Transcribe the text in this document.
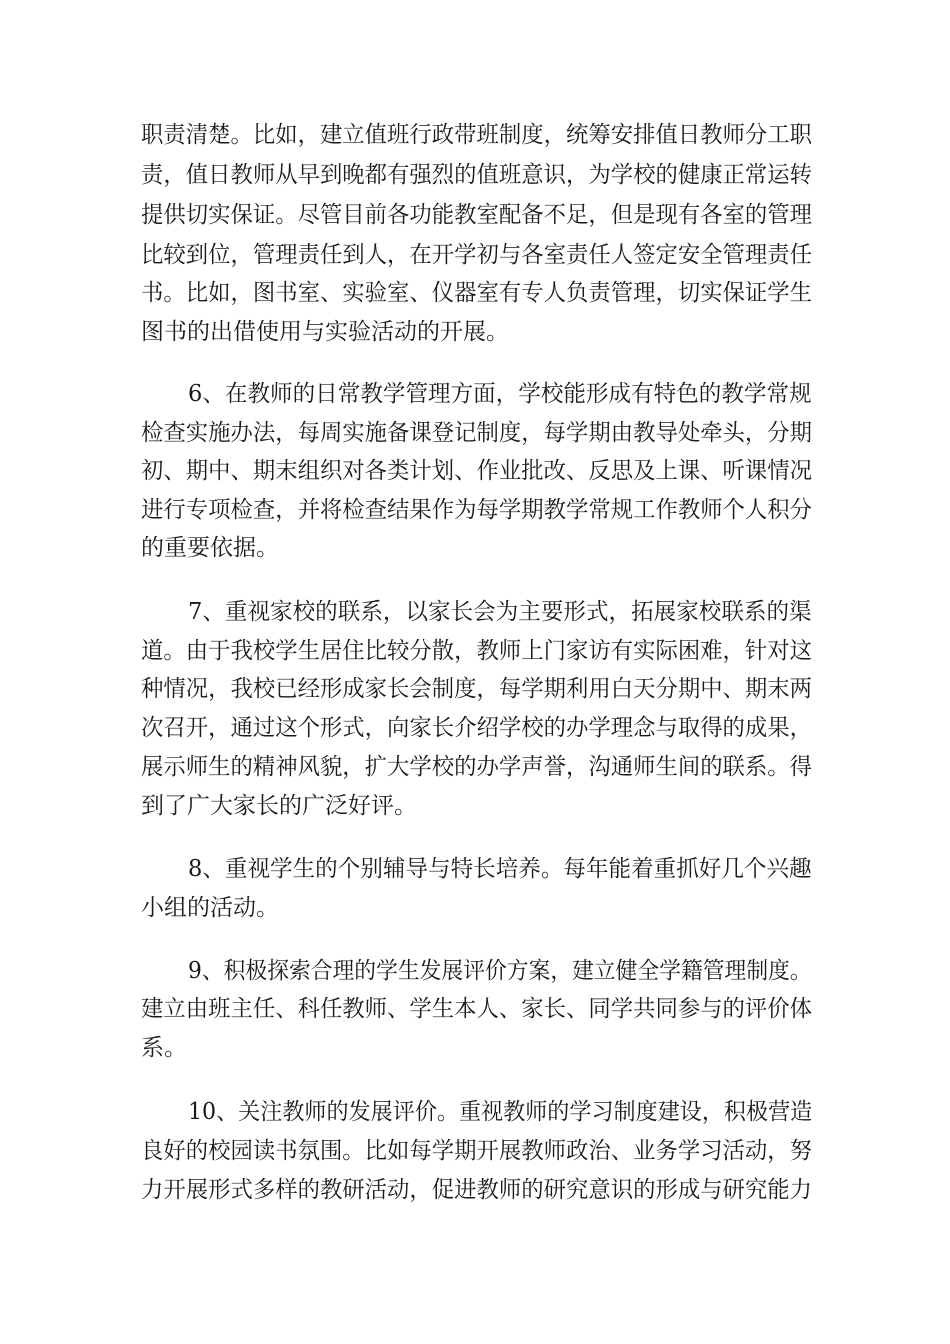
职责清楚。比如，建立值班行政带班制度，统筹安排值日教师分工职

责，值日教师从早到晚都有强烈的值班意识，为学校的健康正常运转

提供切实保证。尽管目前各功能教室配备不足，但是现有各室的管理

比较到位，管理责任到人，在开学初与各室责任人签定安全管理责任

书。比如，图书室、实验室、仪器室有专人负责管理，切实保证学生

图书的出借使用与实验活动的开展。

6、在教师的日常教学管理方面，学校能形成有特色的教学常规

检查实施办法，每周实施备课登记制度，每学期由教导处牵头，分期

初、期中、期末组织对各类计划、作业批改、反思及上课、听课情况

进行专项检查，并将检查结果作为每学期教学常规工作教师个人积分

的重要依据。

7、重视家校的联系，以家长会为主要形式，拓展家校联系的渠

道。由于我校学生居住比较分散，教师上门家访有实际困难，针对这

种情况，我校已经形成家长会制度，每学期利用白天分期中、期末两

次召开，通过这个形式，向家长介绍学校的办学理念与取得的成果，

展示师生的精神风貌，扩大学校的办学声誉，沟通师生间的联系。得

到了广大家长的广泛好评。

8、重视学生的个别辅导与特长培养。每年能着重抓好几个兴趣

小组的活动。

9、积极探索合理的学生发展评价方案，建立健全学籍管理制度。

建立由班主任、科任教师、学生本人、家长、同学共同参与的评价体

系。

10、关注教师的发展评价。重视教师的学习制度建设，积极营造

良好的校园读书氛围。比如每学期开展教师政治、业务学习活动，努

力开展形式多样的教研活动，促进教师的研究意识的形成与研究能力
